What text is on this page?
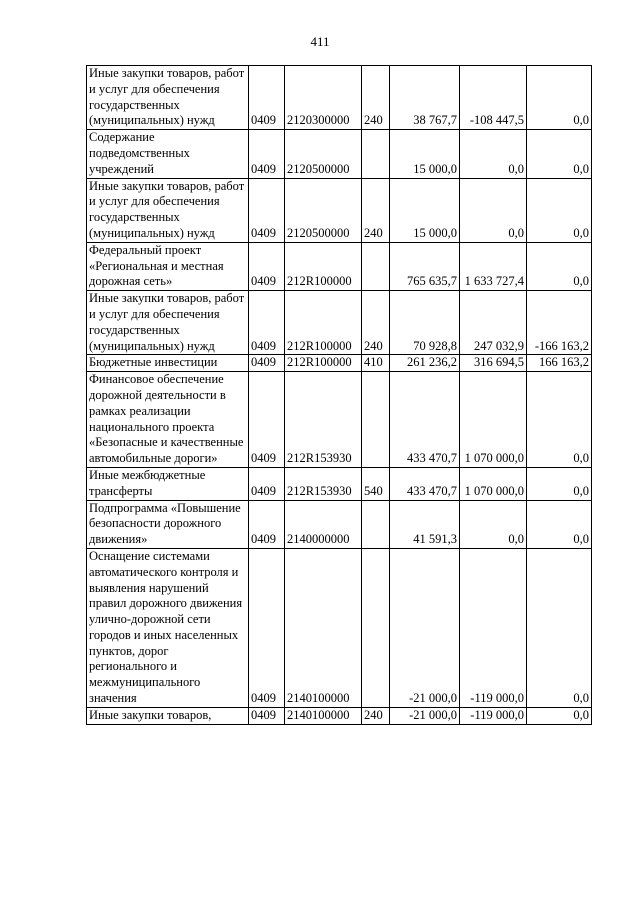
411
Иные закупки товаров, работ и услуг для обеспечения государственных (муниципальных) нужд	0409	2120300000	240	38 767,7	-108 447,5	0,0
Содержание подведомственных учреждений	0409	2120500000		15 000,0	0,0	0,0
Иные закупки товаров, работ и услуг для обеспечения государственных (муниципальных) нужд	0409	2120500000	240	15 000,0	0,0	0,0
Федеральный проект «Региональная и местная дорожная сеть»	0409	212R100000		765 635,7	1 633 727,4	0,0
Иные закупки товаров, работ и услуг для обеспечения государственных (муниципальных) нужд	0409	212R100000	240	70 928,8	247 032,9	-166 163,2
Бюджетные инвестиции	0409	212R100000	410	261 236,2	316 694,5	166 163,2
Финансовое обеспечение дорожной деятельности в рамках реализации национального проекта «Безопасные и качественные автомобильные дороги»	0409	212R153930		433 470,7	1 070 000,0	0,0
Иные межбюджетные трансферты	0409	212R153930	540	433 470,7	1 070 000,0	0,0
Подпрограмма «Повышение безопасности дорожного движения»	0409	2140000000		41 591,3	0,0	0,0
Оснащение системами автоматического контроля и выявления нарушений правил дорожного движения улично-дорожной сети городов и иных населенных пунктов, дорог регионального и межмуниципального значения	0409	2140100000		-21 000,0	-119 000,0	0,0
Иные закупки товаров,	0409	2140100000	240	-21 000,0	-119 000,0	0,0
